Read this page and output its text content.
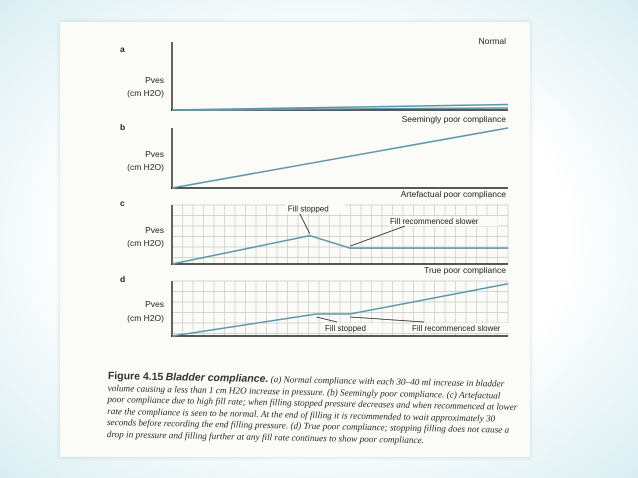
a
Normal
Pves
(cm H2O)
b
Seemingly poor compliance
Pves
(cm H2O)
c
Artefactual poor compliance
Pves
(cm H2O)
Fill stopped
Fill recommenced slower
d
True poor compliance
Pves
(cm H2O)
Fill stopped	Fill recommenced slower
Figure 4.15 Bladder compliance. (a) Normal compliance with each 30–40 ml increase in bladder volume causing a less than 1 cm H2O increase in pressure. (b) Seemingly poor compliance. (c) Artefactual poor compliance due to high fill rate; when filling stopped pressure decreases and when recommenced at lower rate the compliance is seen to be normal. At the end of filling it is recommended to wait approximately 30 seconds before recording the end filling pressure. (d) True poor compliance; stopping filling does not cause a drop in pressure and filling further at any fill rate continues to show poor compliance.
